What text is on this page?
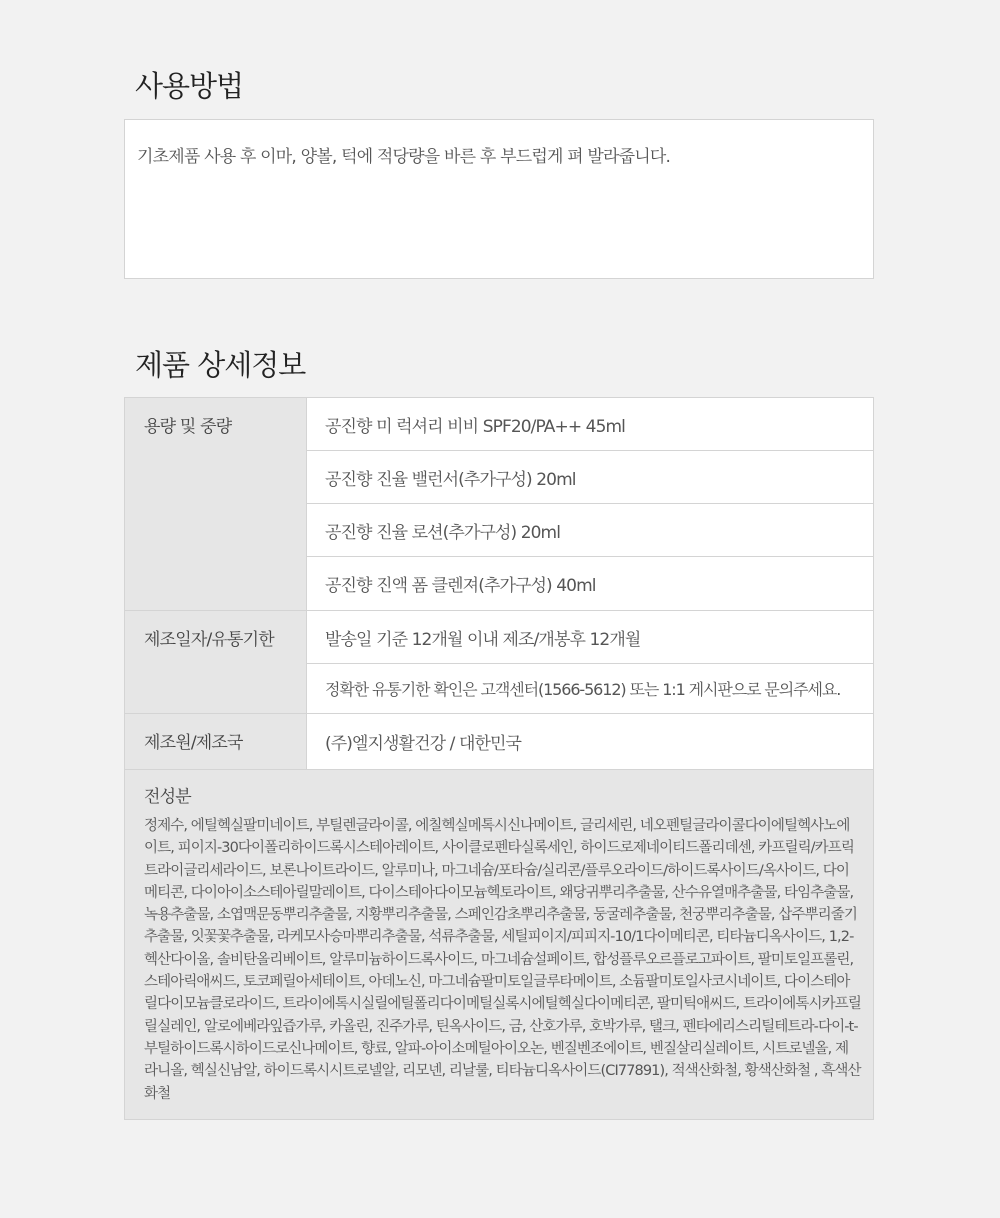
사용방법

기초제품 사용 후 이마, 양볼, 턱에 적당량을 바른 후 부드럽게 펴 발라줍니다.

제품 상세정보
용량 및 중량	공진향 미 럭셔리 비비 SPF20/PA++ 45ml
공진향 진율 밸런서(추가구성) 20ml
공진향 진율 로션(추가구성) 20ml
공진향 진액 폼 클렌져(추가구성) 40ml
제조일자/유통기한	발송일 기준 12개월 이내 제조/개봉후 12개월
정확한 유통기한 확인은 고객센터(1566-5612) 또는 1:1 게시판으로 문의주세요.
제조원/제조국	(주)엘지생활건강 / 대한민국
전성분
정제수, 에틸헥실팔미네이트, 부틸렌글라이콜, 에칠헥실메톡시신나메이트, 글리세린, 네오펜틸글라이콜다이에틸헥사노에이트, 피이지-30다이폴리하이드록시스테아레이트, 사이클로펜타실록세인, 하이드로제네이티드폴리데센, 카프릴릭/카프릭트라이글리세라이드, 보론나이트라이드, 알루미나, 마그네슘/포타슘/실리콘/플루오라이드/하이드록사이드/옥사이드, 다이메티콘, 다이아이소스테아릴말레이트, 다이스테아다이모늄헥토라이트, 왜당귀뿌리추출물, 산수유열매추출물, 타임추출물, 녹용추출물, 소엽맥문동뿌리추출물, 지황뿌리추출물, 스페인감초뿌리추출물, 둥굴레추출물, 천궁뿌리추출물, 삽주뿌리줄기추출물, 잇꽃꽃추출물, 라케모사승마뿌리추출물, 석류추출물, 세틸피이지/피피지-10/1다이메티콘, 티타늄디옥사이드, 1,2-헥산다이올, 솔비탄올리베이트, 알루미늄하이드록사이드, 마그네슘설페이트, 합성플루오르플로고파이트, 팔미토일프롤린, 스테아릭애씨드, 토코페릴아세테이트, 아데노신, 마그네슘팔미토일글루타메이트, 소듐팔미토일사코시네이트, 다이스테아릴다이모늄클로라이드, 트라이에톡시실릴에틸폴리다이메틸실록시에틸헥실다이메티콘, 팔미틱애씨드, 트라이에톡시카프릴릴실레인, 알로에베라잎즙가루, 카올린, 진주가루, 틴옥사이드, 금, 산호가루, 호박가루, 탤크, 펜타에리스리틸테트라-다이-t-부틸하이드록시하이드로신나메이트, 향료, 알파-아이소메틸아이오논, 벤질벤조에이트, 벤질살리실레이트, 시트로넬올, 제라니올, 헥실신남알, 하이드록시시트로넬알, 리모넨, 리날룰, 티타늄디옥사이드(CI77891), 적색산화철, 황색산화철 , 흑색산화철
